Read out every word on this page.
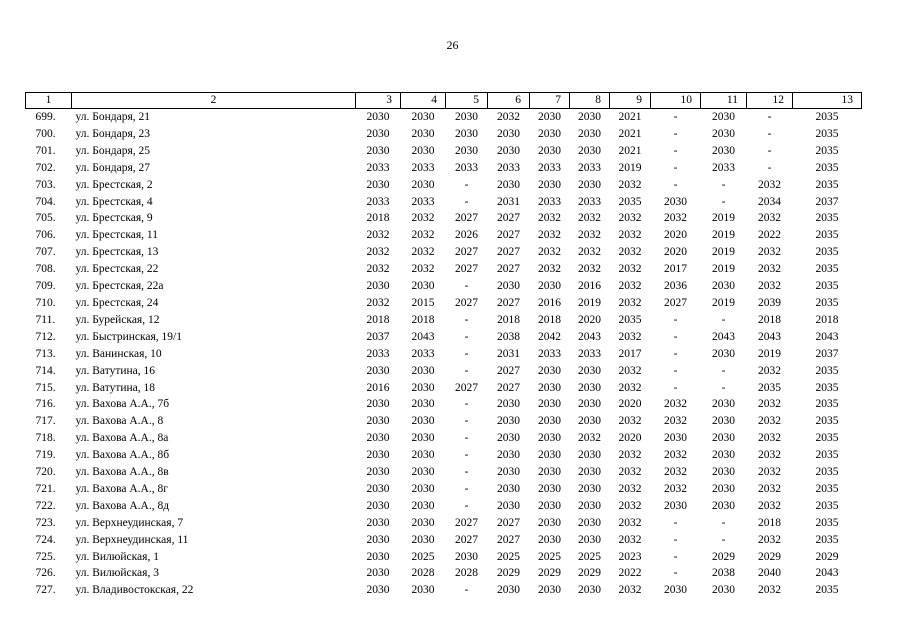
26
1	2	3	4	5	6	7	8	9	10	11	12	13
699.	ул. Бондаря, 21	2030	2030	2030	2032	2030	2030	2021	-	2030	-	2035
700.	ул. Бондаря, 23	2030	2030	2030	2030	2030	2030	2021	-	2030	-	2035
701.	ул. Бондаря, 25	2030	2030	2030	2030	2030	2030	2021	-	2030	-	2035
702.	ул. Бондаря, 27	2033	2033	2033	2033	2033	2033	2019	-	2033	-	2035
703.	ул. Брестская, 2	2030	2030	-	2030	2030	2030	2032	-	-	2032	2035
704.	ул. Брестская, 4	2033	2033	-	2031	2033	2033	2035	2030	-	2034	2037
705.	ул. Брестская, 9	2018	2032	2027	2027	2032	2032	2032	2032	2019	2032	2035
706.	ул. Брестская, 11	2032	2032	2026	2027	2032	2032	2032	2020	2019	2022	2035
707.	ул. Брестская, 13	2032	2032	2027	2027	2032	2032	2032	2020	2019	2032	2035
708.	ул. Брестская, 22	2032	2032	2027	2027	2032	2032	2032	2017	2019	2032	2035
709.	ул. Брестская, 22а	2030	2030	-	2030	2030	2016	2032	2036	2030	2032	2035
710.	ул. Брестская, 24	2032	2015	2027	2027	2016	2019	2032	2027	2019	2039	2035
711.	ул. Бурейская, 12	2018	2018	-	2018	2018	2020	2035	-	-	2018	2018
712.	ул. Быстринская, 19/1	2037	2043	-	2038	2042	2043	2032	-	2043	2043	2043
713.	ул. Ванинская, 10	2033	2033	-	2031	2033	2033	2017	-	2030	2019	2037
714.	ул. Ватутина, 16	2030	2030	-	2027	2030	2030	2032	-	-	2032	2035
715.	ул. Ватутина, 18	2016	2030	2027	2027	2030	2030	2032	-	-	2035	2035
716.	ул. Вахова А.А., 7б	2030	2030	-	2030	2030	2030	2020	2032	2030	2032	2035
717.	ул. Вахова А.А., 8	2030	2030	-	2030	2030	2030	2032	2032	2030	2032	2035
718.	ул. Вахова А.А., 8а	2030	2030	-	2030	2030	2032	2020	2030	2030	2032	2035
719.	ул. Вахова А.А., 8б	2030	2030	-	2030	2030	2030	2032	2032	2030	2032	2035
720.	ул. Вахова А.А., 8в	2030	2030	-	2030	2030	2030	2032	2032	2030	2032	2035
721.	ул. Вахова А.А., 8г	2030	2030	-	2030	2030	2030	2032	2032	2030	2032	2035
722.	ул. Вахова А.А., 8д	2030	2030	-	2030	2030	2030	2032	2030	2030	2032	2035
723.	ул. Верхнеудинская, 7	2030	2030	2027	2027	2030	2030	2032	-	-	2018	2035
724.	ул. Верхнеудинская, 11	2030	2030	2027	2027	2030	2030	2032	-	-	2032	2035
725.	ул. Вилюйская, 1	2030	2025	2030	2025	2025	2025	2023	-	2029	2029	2029
726.	ул. Вилюйская, 3	2030	2028	2028	2029	2029	2029	2022	-	2038	2040	2043
727.	ул. Владивостокская, 22	2030	2030	-	2030	2030	2030	2032	2030	2030	2032	2035
